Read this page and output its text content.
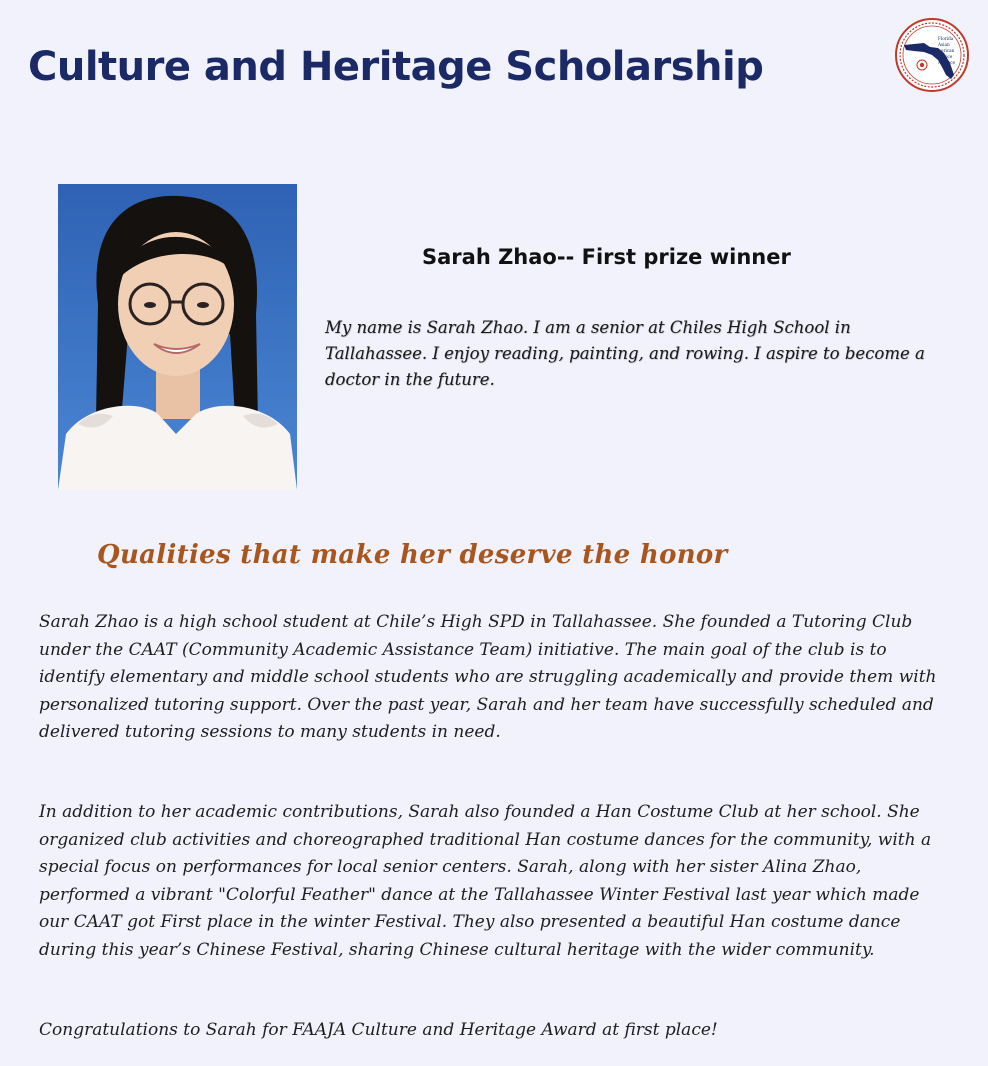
Culture and Heritage Scholarship
Florida
Asian
American
Justice
Alliance
Sarah Zhao-- First prize winner

My name is Sarah Zhao. I am a senior at Chiles High School in Tallahassee. I enjoy reading, painting, and rowing. I aspire to become a doctor in the future.

Qualities that make her deserve the honor

Sarah Zhao is a high school student at Chile’s High SPD in Tallahassee. She founded a Tutoring Club under the CAAT (Community Academic Assistance Team) initiative. The main goal of the club is to identify elementary and middle school students who are struggling academically and provide them with personalized tutoring support. Over the past year, Sarah and her team have successfully scheduled and delivered tutoring sessions to many students in need.

In addition to her academic contributions, Sarah also founded a Han Costume Club at her school. She organized club activities and choreographed traditional Han costume dances for the community, with a special focus on performances for local senior centers. Sarah, along with her sister Alina Zhao, performed a vibrant "Colorful Feather" dance at the Tallahassee Winter Festival last year which made our CAAT got First place in the winter Festival. They also presented a beautiful Han costume dance during this year’s Chinese Festival, sharing Chinese cultural heritage with the wider community.

Congratulations to Sarah for FAAJA Culture and Heritage Award at first place!
